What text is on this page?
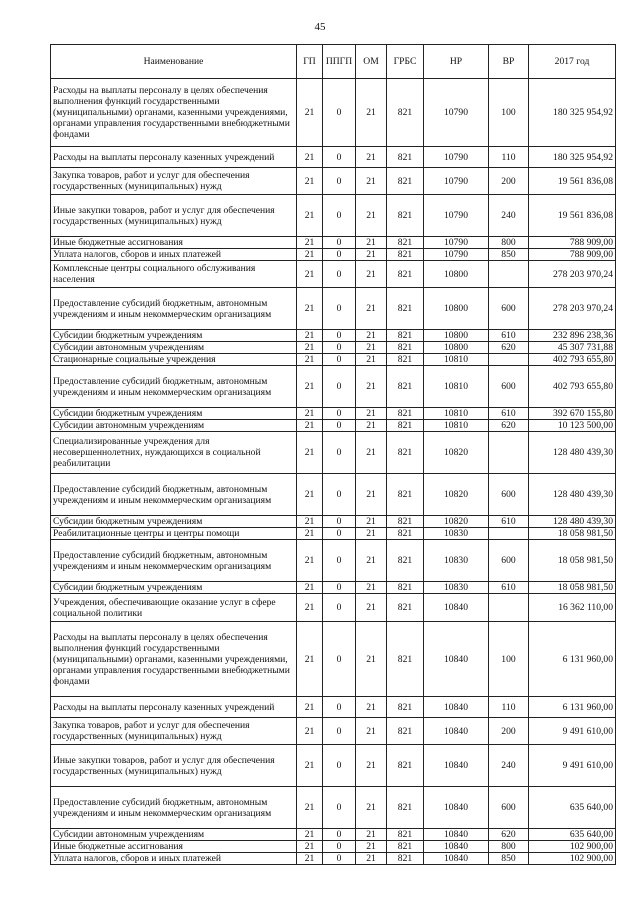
45
Наименование	ГП	ППГП	ОМ	ГРБС	НР	ВР	2017 год
Расходы на выплаты персоналу в целях обеспечения выполнения функций государственными (муниципальными) органами, казенными учреждениями, органами управления государственными внебюджетными фондами	21	0	21	821	10790	100	180 325 954,92
Расходы на выплаты персоналу казенных учреждений	21	0	21	821	10790	110	180 325 954,92
Закупка товаров, работ и услуг для обеспечения государственных (муниципальных) нужд	21	0	21	821	10790	200	19 561 836,08
Иные закупки товаров, работ и услуг для обеспечения государственных (муниципальных) нужд	21	0	21	821	10790	240	19 561 836,08
Иные бюджетные ассигнования	21	0	21	821	10790	800	788 909,00
Уплата налогов, сборов и иных платежей	21	0	21	821	10790	850	788 909,00
Комплексные центры социального обслуживания населения	21	0	21	821	10800		278 203 970,24
Предоставление субсидий бюджетным, автономным учреждениям и иным некоммерческим организациям	21	0	21	821	10800	600	278 203 970,24
Субсидии бюджетным учреждениям	21	0	21	821	10800	610	232 896 238,36
Субсидии автономным учреждениям	21	0	21	821	10800	620	45 307 731,88
Стационарные социальные учреждения	21	0	21	821	10810		402 793 655,80
Предоставление субсидий бюджетным, автономным учреждениям и иным некоммерческим организациям	21	0	21	821	10810	600	402 793 655,80
Субсидии бюджетным учреждениям	21	0	21	821	10810	610	392 670 155,80
Субсидии автономным учреждениям	21	0	21	821	10810	620	10 123 500,00
Специализированные учреждения для несовершеннолетних, нуждающихся в социальной реабилитации	21	0	21	821	10820		128 480 439,30
Предоставление субсидий бюджетным, автономным учреждениям и иным некоммерческим организациям	21	0	21	821	10820	600	128 480 439,30
Субсидии бюджетным учреждениям	21	0	21	821	10820	610	128 480 439,30
Реабилитационные центры и центры помощи	21	0	21	821	10830		18 058 981,50
Предоставление субсидий бюджетным, автономным учреждениям и иным некоммерческим организациям	21	0	21	821	10830	600	18 058 981,50
Субсидии бюджетным учреждениям	21	0	21	821	10830	610	18 058 981,50
Учреждения, обеспечивающие оказание услуг в сфере социальной политики	21	0	21	821	10840		16 362 110,00
Расходы на выплаты персоналу в целях обеспечения выполнения функций государственными (муниципальными) органами, казенными учреждениями, органами управления государственными внебюджетными фондами	21	0	21	821	10840	100	6 131 960,00
Расходы на выплаты персоналу казенных учреждений	21	0	21	821	10840	110	6 131 960,00
Закупка товаров, работ и услуг для обеспечения государственных (муниципальных) нужд	21	0	21	821	10840	200	9 491 610,00
Иные закупки товаров, работ и услуг для обеспечения государственных (муниципальных) нужд	21	0	21	821	10840	240	9 491 610,00
Предоставление субсидий бюджетным, автономным учреждениям и иным некоммерческим организациям	21	0	21	821	10840	600	635 640,00
Субсидии автономным учреждениям	21	0	21	821	10840	620	635 640,00
Иные бюджетные ассигнования	21	0	21	821	10840	800	102 900,00
Уплата налогов, сборов и иных платежей	21	0	21	821	10840	850	102 900,00
